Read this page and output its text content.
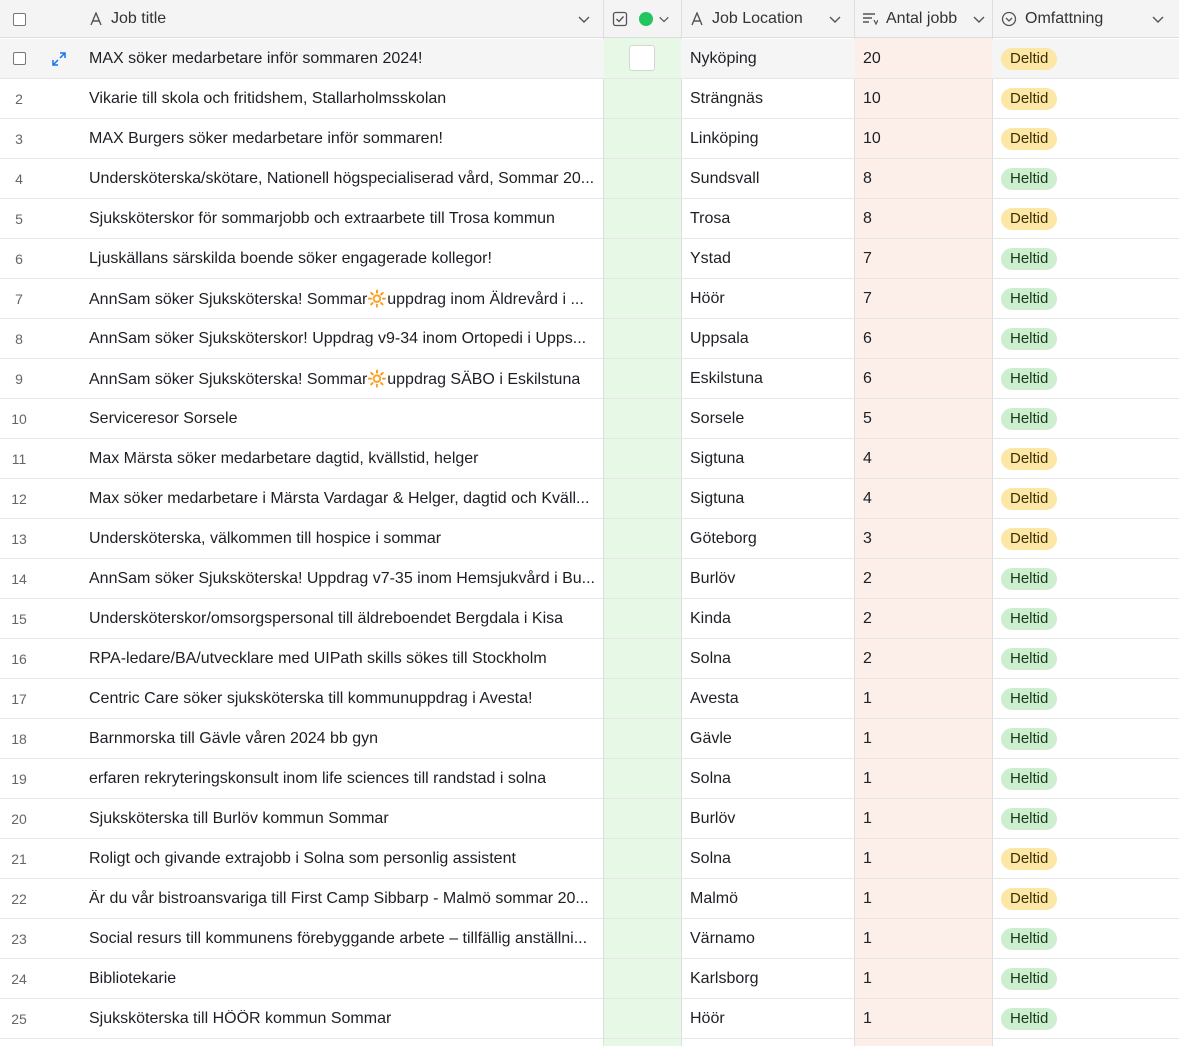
Job title	Job Location	Antal jobb	Omfattning
MAX söker medarbetare inför sommaren 2024!	Nyköping	20	Deltid
2	Vikarie till skola och fritidshem, Stallarholmsskolan	Strängnäs	10	Deltid
3	MAX Burgers söker medarbetare inför sommaren!	Linköping	10	Deltid
4	Undersköterska/skötare, Nationell högspecialiserad vård, Sommar 20...	Sundsvall	8	Heltid
5	Sjuksköterskor för sommarjobb och extraarbete till Trosa kommun	Trosa	8	Deltid
6	Ljuskällans särskilda boende söker engagerade kollegor!	Ystad	7	Heltid
7	AnnSam söker Sjuksköterska! Sommar🔆uppdrag inom Äldrevård i ...	Höör	7	Heltid
8	AnnSam söker Sjuksköterskor! Uppdrag v9-34 inom Ortopedi i Upps...	Uppsala	6	Heltid
9	AnnSam söker Sjuksköterska! Sommar🔆uppdrag SÄBO i Eskilstuna	Eskilstuna	6	Heltid
10	Serviceresor Sorsele	Sorsele	5	Heltid
11	Max Märsta söker medarbetare dagtid, kvällstid, helger	Sigtuna	4	Deltid
12	Max söker medarbetare i Märsta Vardagar & Helger, dagtid och Kväll...	Sigtuna	4	Deltid
13	Undersköterska, välkommen till hospice i sommar	Göteborg	3	Deltid
14	AnnSam söker Sjuksköterska! Uppdrag v7-35 inom Hemsjukvård i Bu...	Burlöv	2	Heltid
15	Undersköterskor/omsorgspersonal till äldreboendet Bergdala i Kisa	Kinda	2	Heltid
16	RPA-ledare/BA/utvecklare med UIPath skills sökes till Stockholm	Solna	2	Heltid
17	Centric Care söker sjuksköterska till kommunuppdrag i Avesta!	Avesta	1	Heltid
18	Barnmorska till Gävle våren 2024 bb gyn	Gävle	1	Heltid
19	erfaren rekryteringskonsult inom life sciences till randstad i solna	Solna	1	Heltid
20	Sjuksköterska till Burlöv kommun Sommar	Burlöv	1	Heltid
21	Roligt och givande extrajobb i Solna som personlig assistent	Solna	1	Deltid
22	Är du vår bistroansvariga till First Camp Sibbarp - Malmö sommar 20...	Malmö	1	Deltid
23	Social resurs till kommunens förebyggande arbete – tillfällig anställni...	Värnamo	1	Heltid
24	Bibliotekarie	Karlsborg	1	Heltid
25	Sjuksköterska till HÖÖR kommun Sommar	Höör	1	Heltid
